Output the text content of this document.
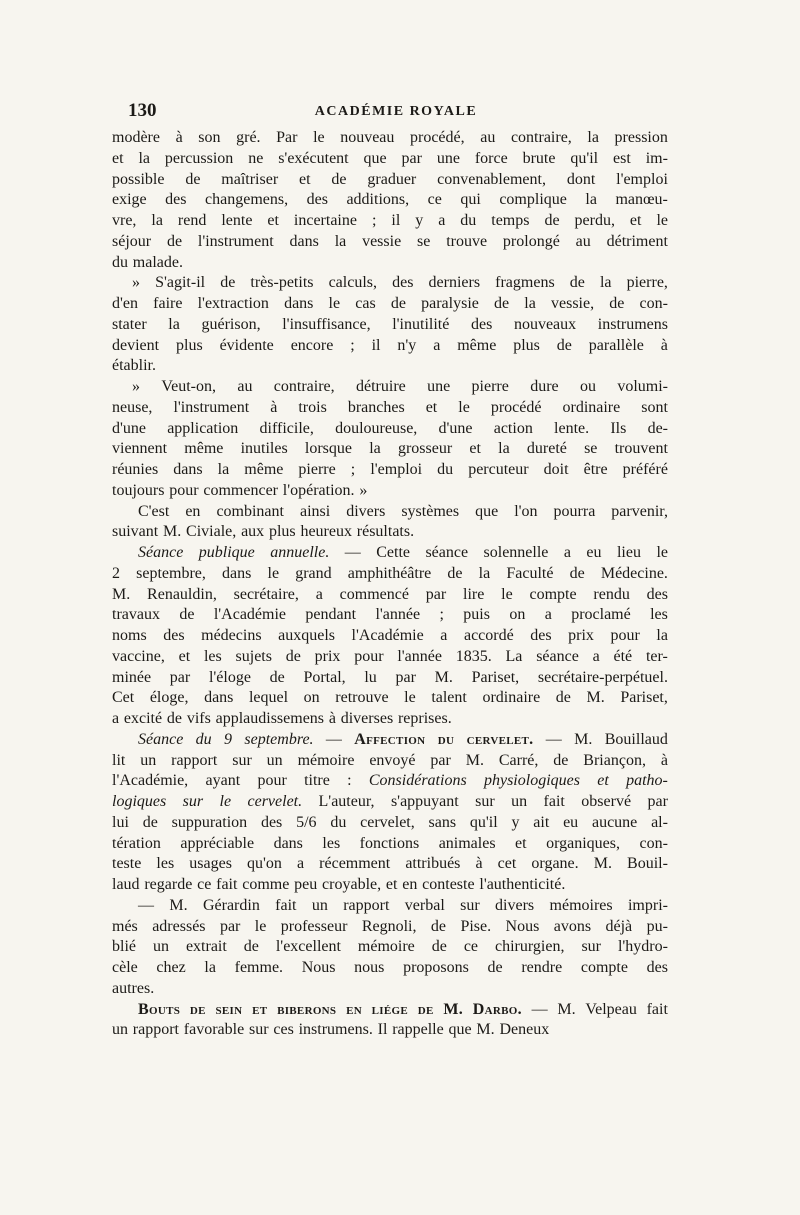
130	ACADÉMIE ROYALE
modère à son gré. Par le nouveau procédé, au contraire, la pression
et la percussion ne s'exécutent que par une force brute qu'il est im-
possible de maîtriser et de graduer convenablement, dont l'emploi
exige des changemens, des additions, ce qui complique la manœu-
vre, la rend lente et incertaine ; il y a du temps de perdu, et le
séjour de l'instrument dans la vessie se trouve prolongé au détriment
du malade.
» S'agit-il de très-petits calculs, des derniers fragmens de la pierre,
d'en faire l'extraction dans le cas de paralysie de la vessie, de con-
stater la guérison, l'insuffisance, l'inutilité des nouveaux instrumens
devient plus évidente encore ; il n'y a même plus de parallèle à
établir.
» Veut-on, au contraire, détruire une pierre dure ou volumi-
neuse, l'instrument à trois branches et le procédé ordinaire sont
d'une application difficile, douloureuse, d'une action lente. Ils de-
viennent même inutiles lorsque la grosseur et la dureté se trouvent
réunies dans la même pierre ; l'emploi du percuteur doit être préféré
toujours pour commencer l'opération. »
C'est en combinant ainsi divers systèmes que l'on pourra parvenir,
suivant M. Civiale, aux plus heureux résultats.
Séance publique annuelle. — Cette séance solennelle a eu lieu le
2 septembre, dans le grand amphithéâtre de la Faculté de Médecine.
M. Renauldin, secrétaire, a commencé par lire le compte rendu des
travaux de l'Académie pendant l'année ; puis on a proclamé les
noms des médecins auxquels l'Académie a accordé des prix pour la
vaccine, et les sujets de prix pour l'année 1835. La séance a été ter-
minée par l'éloge de Portal, lu par M. Pariset, secrétaire-perpétuel.
Cet éloge, dans lequel on retrouve le talent ordinaire de M. Pariset,
a excité de vifs applaudissemens à diverses reprises.
Séance du 9 septembre. — Affection du cervelet. — M. Bouillaud
lit un rapport sur un mémoire envoyé par M. Carré, de Briançon, à
l'Académie, ayant pour titre : Considérations physiologiques et patho-
logiques sur le cervelet. L'auteur, s'appuyant sur un fait observé par
lui de suppuration des 5/6 du cervelet, sans qu'il y ait eu aucune al-
tération appréciable dans les fonctions animales et organiques, con-
teste les usages qu'on a récemment attribués à cet organe. M. Bouil-
laud regarde ce fait comme peu croyable, et en conteste l'authenticité.
— M. Gérardin fait un rapport verbal sur divers mémoires impri-
més adressés par le professeur Regnoli, de Pise. Nous avons déjà pu-
blié un extrait de l'excellent mémoire de ce chirurgien, sur l'hydro-
cèle chez la femme. Nous nous proposons de rendre compte des
autres.
Bouts de sein et biberons en liége de M. Darbo. — M. Velpeau fait
un rapport favorable sur ces instrumens. Il rappelle que M. Deneux
